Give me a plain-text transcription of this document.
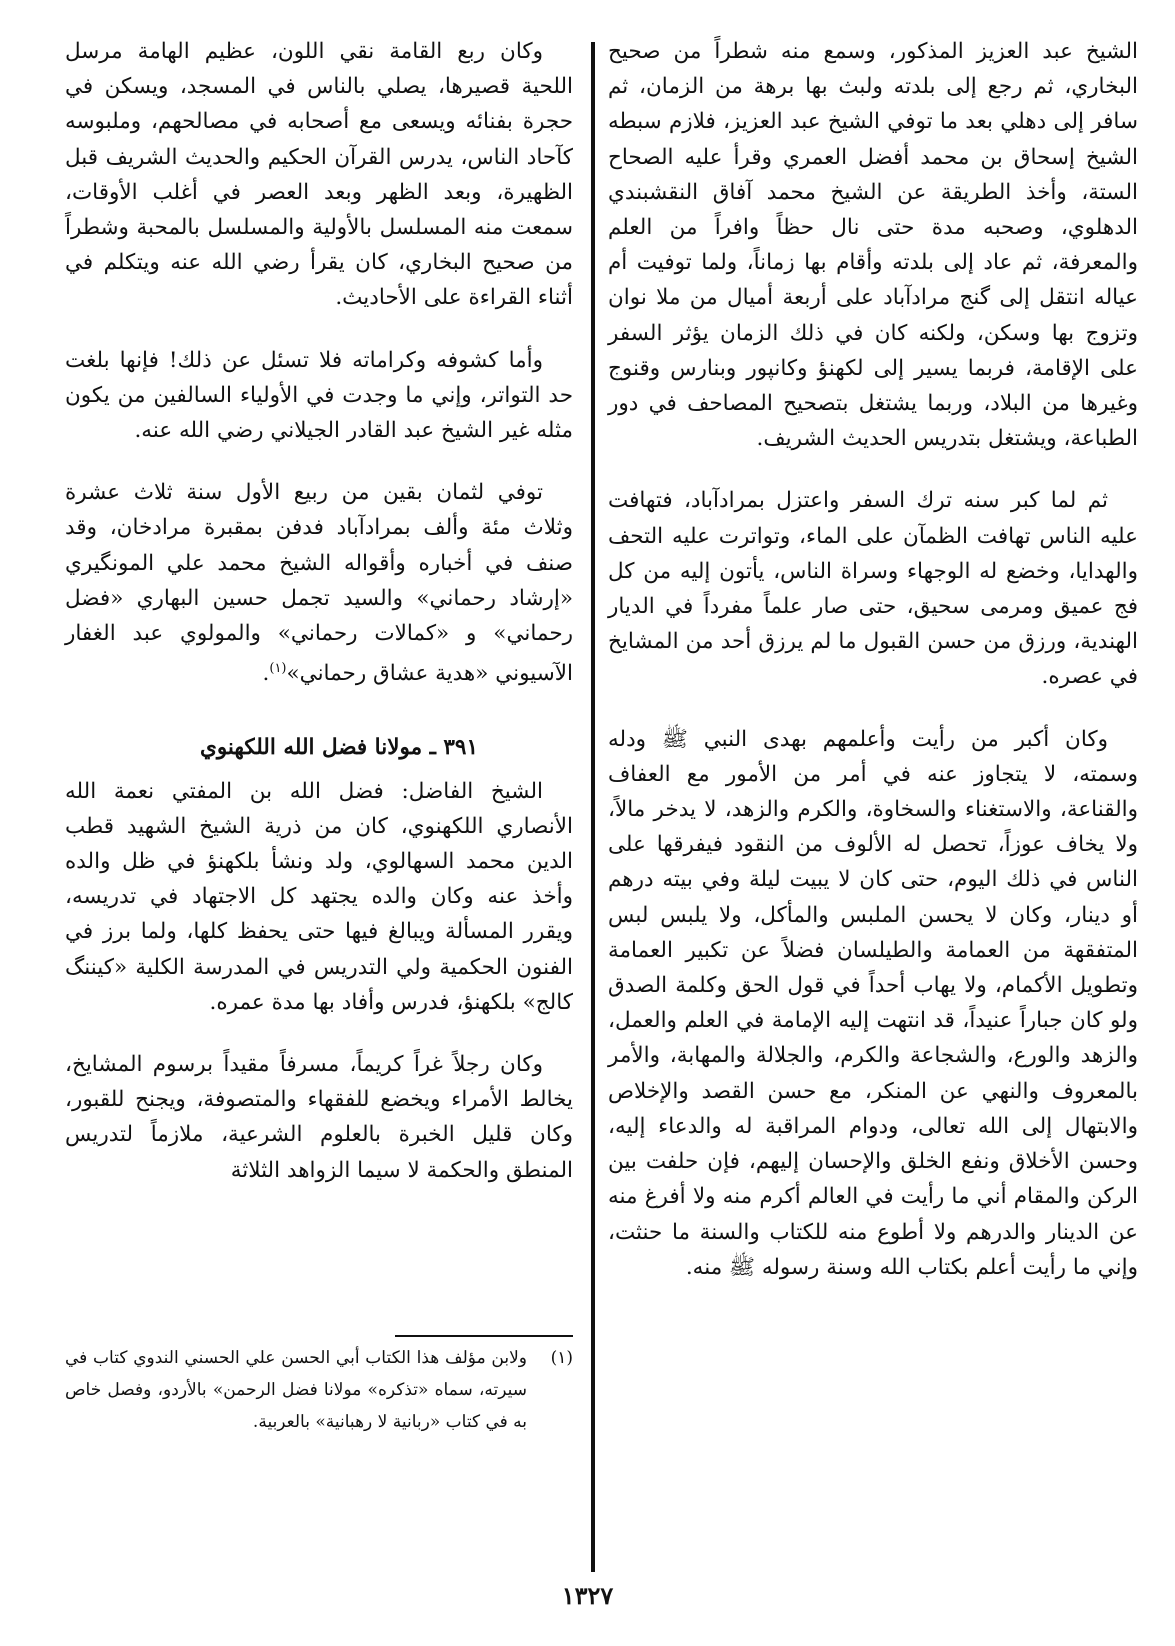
الشيخ عبد العزيز المذكور، وسمع منه شطراً من صحيح البخاري، ثم رجع إلى بلدته ولبث بها برهة من الزمان، ثم سافر إلى دهلي بعد ما توفي الشيخ عبد العزيز، فلازم سبطه الشيخ إسحاق بن محمد أفضل العمري وقرأ عليه الصحاح الستة، وأخذ الطريقة عن الشيخ محمد آفاق النقشبندي الدهلوي، وصحبه مدة حتى نال حظاً وافراً من العلم والمعرفة، ثم عاد إلى بلدته وأقام بها زماناً، ولما توفيت أم عياله انتقل إلى گنج مرادآباد على أربعة أميال من ملا نوان وتزوج بها وسكن، ولكنه كان في ذلك الزمان يؤثر السفر على الإقامة، فربما يسير إلى لكهنؤ وكانپور وبنارس وقنوج وغيرها من البلاد، وربما يشتغل بتصحيح المصاحف في دور الطباعة، ويشتغل بتدريس الحديث الشريف.

ثم لما كبر سنه ترك السفر واعتزل بمرادآباد، فتهافت عليه الناس تهافت الظمآن على الماء، وتواترت عليه التحف والهدايا، وخضع له الوجهاء وسراة الناس، يأتون إليه من كل فج عميق ومرمى سحيق، حتى صار علماً مفرداً في الديار الهندية، ورزق من حسن القبول ما لم يرزق أحد من المشايخ في عصره.

وكان أكبر من رأيت وأعلمهم بهدى النبي ﷺ ودله وسمته، لا يتجاوز عنه في أمر من الأمور مع العفاف والقناعة، والاستغناء والسخاوة، والكرم والزهد، لا يدخر مالاً، ولا يخاف عوزاً، تحصل له الألوف من النقود فيفرقها على الناس في ذلك اليوم، حتى كان لا يبيت ليلة وفي بيته درهم أو دينار، وكان لا يحسن الملبس والمأكل، ولا يلبس لبس المتفقهة من العمامة والطيلسان فضلاً عن تكبير العمامة وتطويل الأكمام، ولا يهاب أحداً في قول الحق وكلمة الصدق ولو كان جباراً عنيداً، قد انتهت إليه الإمامة في العلم والعمل، والزهد والورع، والشجاعة والكرم، والجلالة والمهابة، والأمر بالمعروف والنهي عن المنكر، مع حسن القصد والإخلاص والابتهال إلى الله تعالى، ودوام المراقبة له والدعاء إليه، وحسن الأخلاق ونفع الخلق والإحسان إليهم، فإن حلفت بين الركن والمقام أني ما رأيت في العالم أكرم منه ولا أفرغ منه عن الدينار والدرهم ولا أطوع منه للكتاب والسنة ما حنثت، وإني ما رأيت أعلم بكتاب الله وسنة رسوله ﷺ منه.

وكان ربع القامة نقي اللون، عظيم الهامة مرسل اللحية قصيرها، يصلي بالناس في المسجد، ويسكن في حجرة بفنائه ويسعى مع أصحابه في مصالحهم، وملبوسه كآحاد الناس، يدرس القرآن الحكيم والحديث الشريف قبل الظهيرة، وبعد الظهر وبعد العصر في أغلب الأوقات، سمعت منه المسلسل بالأولية والمسلسل بالمحبة وشطراً من صحيح البخاري، كان يقرأ رضي الله عنه ويتكلم في أثناء القراءة على الأحاديث.

وأما كشوفه وكراماته فلا تسئل عن ذلك! فإنها بلغت حد التواتر، وإني ما وجدت في الأولياء السالفين من يكون مثله غير الشيخ عبد القادر الجيلاني رضي الله عنه.

توفي لثمان بقين من ربيع الأول سنة ثلاث عشرة وثلاث مئة وألف بمرادآباد فدفن بمقبرة مرادخان، وقد صنف في أخباره وأقواله الشيخ محمد علي المونگيري «إرشاد رحماني» والسيد تجمل حسين البهاري «فضل رحماني» و «كمالات رحماني» والمولوي عبد الغفار الآسيوني «هدية عشاق رحماني»$^{(١)}$.

٣٩١ ـ مولانا فضل الله اللكهنوي

الشيخ الفاضل: فضل الله بن المفتي نعمة الله الأنصاري اللكهنوي، كان من ذرية الشيخ الشهيد قطب الدين محمد السهالوي، ولد ونشأ بلكهنؤ في ظل والده وأخذ عنه وكان والده يجتهد كل الاجتهاد في تدريسه، ويقرر المسألة ويبالغ فيها حتى يحفظ كلها، ولما برز في الفنون الحكمية ولي التدريس في المدرسة الكلية «كيننگ كالج» بلكهنؤ، فدرس وأفاد بها مدة عمره.

وكان رجلاً غراً كريماً، مسرفاً مقيداً برسوم المشايخ، يخالط الأمراء ويخضع للفقهاء والمتصوفة، ويجنح للقبور، وكان قليل الخبرة بالعلوم الشرعية، ملازماً لتدريس المنطق والحكمة لا سيما الزواهد الثلاثة

(١)
ولابن مؤلف هذا الكتاب أبي الحسن علي الحسني الندوي كتاب في سيرته، سماه «تذكره» مولانا فضل الرحمن» بالأردو، وفصل خاص به في كتاب «ربانية لا رهبانية» بالعربية.
١٣٢٧
